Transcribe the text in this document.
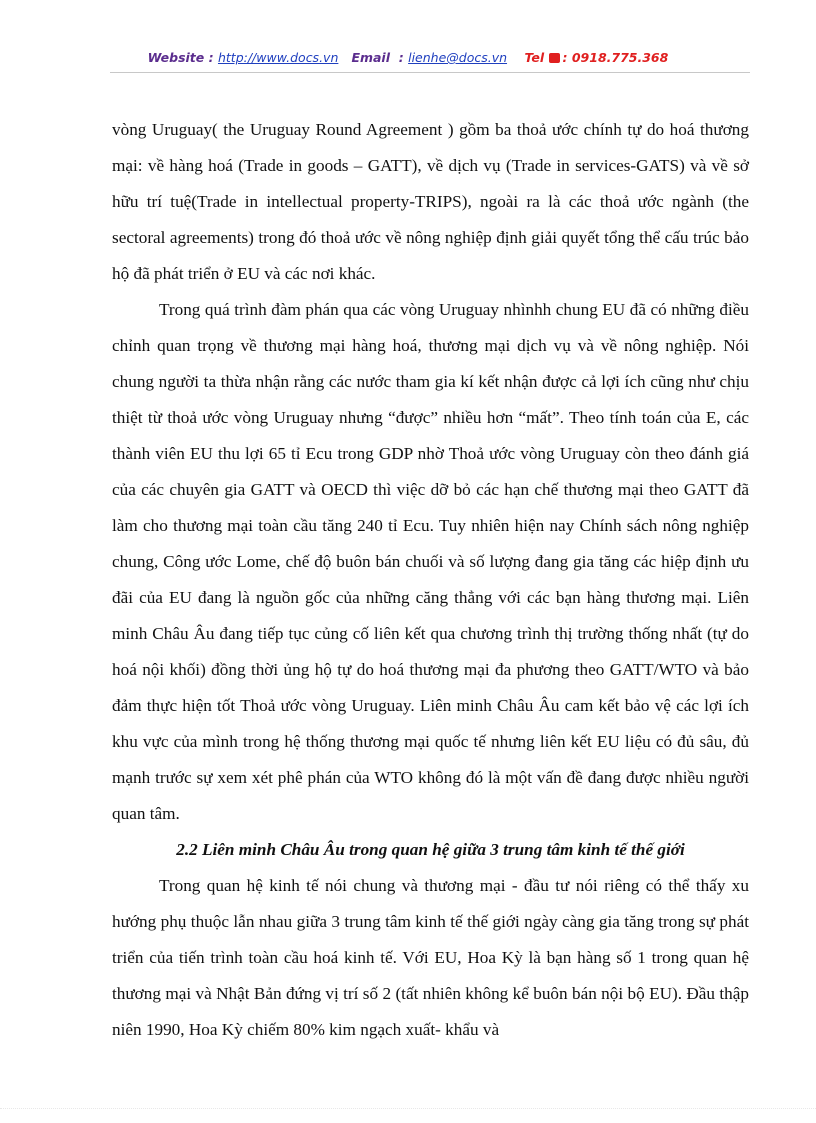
Website : http://www.docs.vn Email : lienhe@docs.vn Tel : 0918.775.368

vòng Uruguay( the Uruguay Round Agreement ) gồm ba thoả ước chính tự do hoá thương mại: về hàng hoá (Trade in goods – GATT), về dịch vụ (Trade in services-GATS) và về sở hữu trí tuệ(Trade in intellectual property-TRIPS), ngoài ra là các thoả ước ngành (the sectoral agreements) trong đó thoả ước về nông nghiệp định giải quyết tổng thể cấu trúc bảo hộ đã phát triển ở EU và các nơi khác.

Trong quá trình đàm phán qua các vòng Uruguay nhìnhh chung EU đã có những điều chỉnh quan trọng về thương mại hàng hoá, thương mại dịch vụ và về nông nghiệp. Nói chung người ta thừa nhận rằng các nước tham gia kí kết nhận được cả lợi ích cũng như chịu thiệt từ thoả ước vòng Uruguay nhưng “được” nhiều hơn “mất”. Theo tính toán của E, các thành viên EU thu lợi 65 tỉ Ecu trong GDP nhờ Thoả ước vòng Uruguay còn theo đánh giá của các chuyên gia GATT và OECD thì việc dỡ bỏ các hạn chế thương mại theo GATT đã làm cho thương mại toàn cầu tăng 240 tỉ Ecu. Tuy nhiên hiện nay Chính sách nông nghiệp chung, Công ước Lome, chế độ buôn bán chuối và số lượng đang gia tăng các hiệp định ưu đãi của EU đang là nguồn gốc của những căng thẳng với các bạn hàng thương mại. Liên minh Châu Âu đang tiếp tục củng cố liên kết qua chương trình thị trường thống nhất (tự do hoá nội khối) đồng thời ủng hộ tự do hoá thương mại đa phương theo GATT/WTO và bảo đảm thực hiện tốt Thoả ước vòng Uruguay. Liên minh Châu Âu cam kết bảo vệ các lợi ích khu vực của mình trong hệ thống thương mại quốc tế nhưng liên kết EU liệu có đủ sâu, đủ mạnh trước sự xem xét phê phán của WTO không đó là một vấn đề đang được nhiều người quan tâm.

2.2 Liên minh Châu Âu trong quan hệ giữa 3 trung tâm kinh tế thế giới

Trong quan hệ kinh tế nói chung và thương mại - đầu tư nói riêng có thể thấy xu hướng phụ thuộc lẫn nhau giữa 3 trung tâm kinh tế thế giới ngày càng gia tăng trong sự phát triển của tiến trình toàn cầu hoá kinh tế. Với EU, Hoa Kỳ là bạn hàng số 1 trong quan hệ thương mại và Nhật Bản đứng vị trí số 2 (tất nhiên không kể buôn bán nội bộ EU). Đầu thập niên 1990, Hoa Kỳ chiếm 80% kim ngạch xuất- khẩu và
